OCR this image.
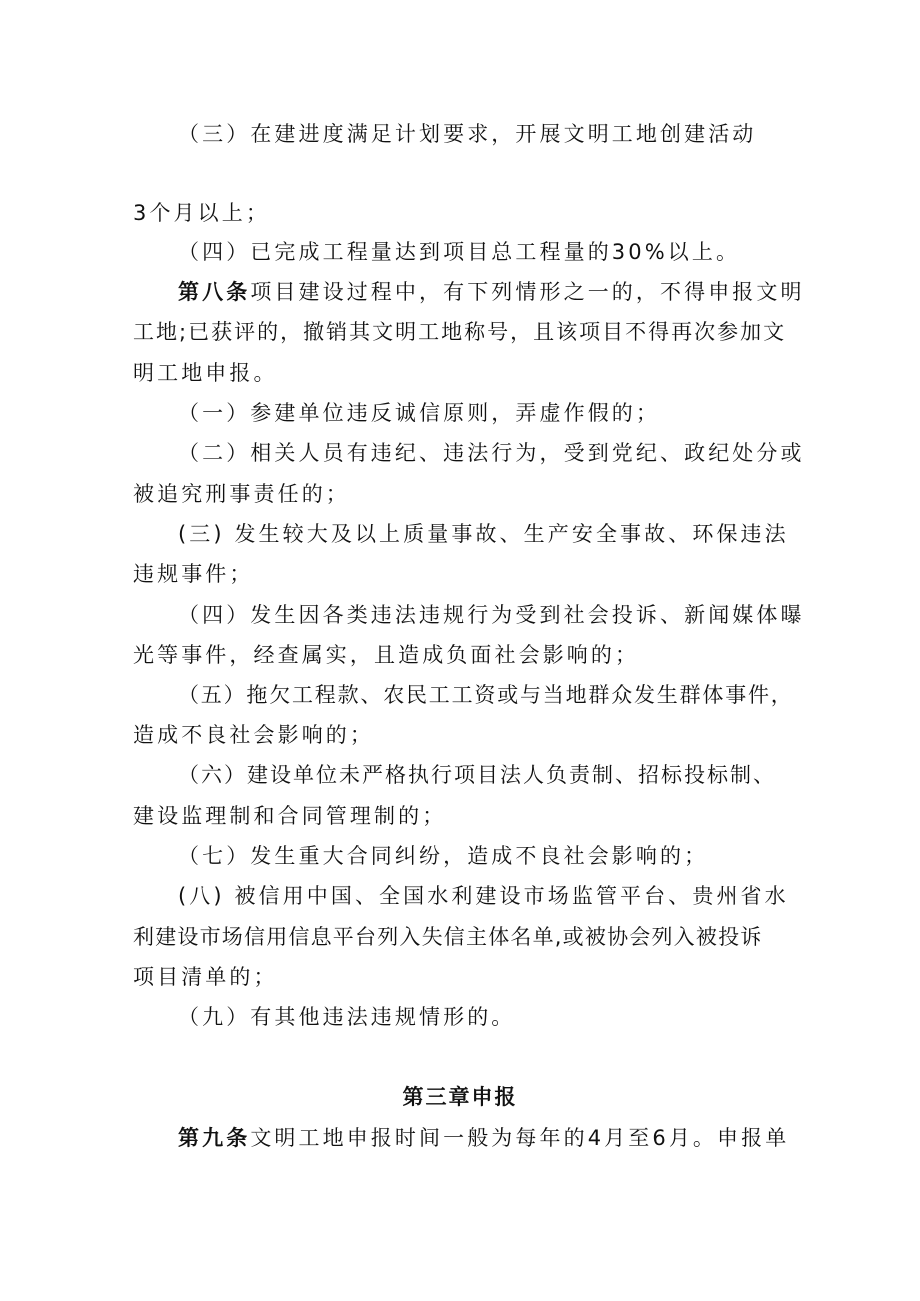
（三）在建进度满足计划要求，开展文明工地创建活动
3个月以上；
（四）已完成工程量达到项目总工程量的30%以上。
第八条项目建设过程中，有下列情形之一的，不得申报文明
工地;已获评的，撤销其文明工地称号，且该项目不得再次参加文
明工地申报。
（一）参建单位违反诚信原则，弄虚作假的；
（二）相关人员有违纪、违法行为，受到党纪、政纪处分或
被追究刑事责任的；
(三) 发生较大及以上质量事故、生产安全事故、环保违法
违规事件；
（四）发生因各类违法违规行为受到社会投诉、新闻媒体曝
光等事件，经查属实，且造成负面社会影响的；
（五）拖欠工程款、农民工工资或与当地群众发生群体事件，
造成不良社会影响的；
（六）建设单位未严格执行项目法人负责制、招标投标制、
建设监理制和合同管理制的；
（七）发生重大合同纠纷，造成不良社会影响的；
(八) 被信用中国、全国水利建设市场监管平台、贵州省水
利建设市场信用信息平台列入失信主体名单,或被协会列入被投诉
项目清单的；
（九）有其他违法违规情形的。
第三章申报
第九条文明工地申报时间一般为每年的4月至6月。申报单
